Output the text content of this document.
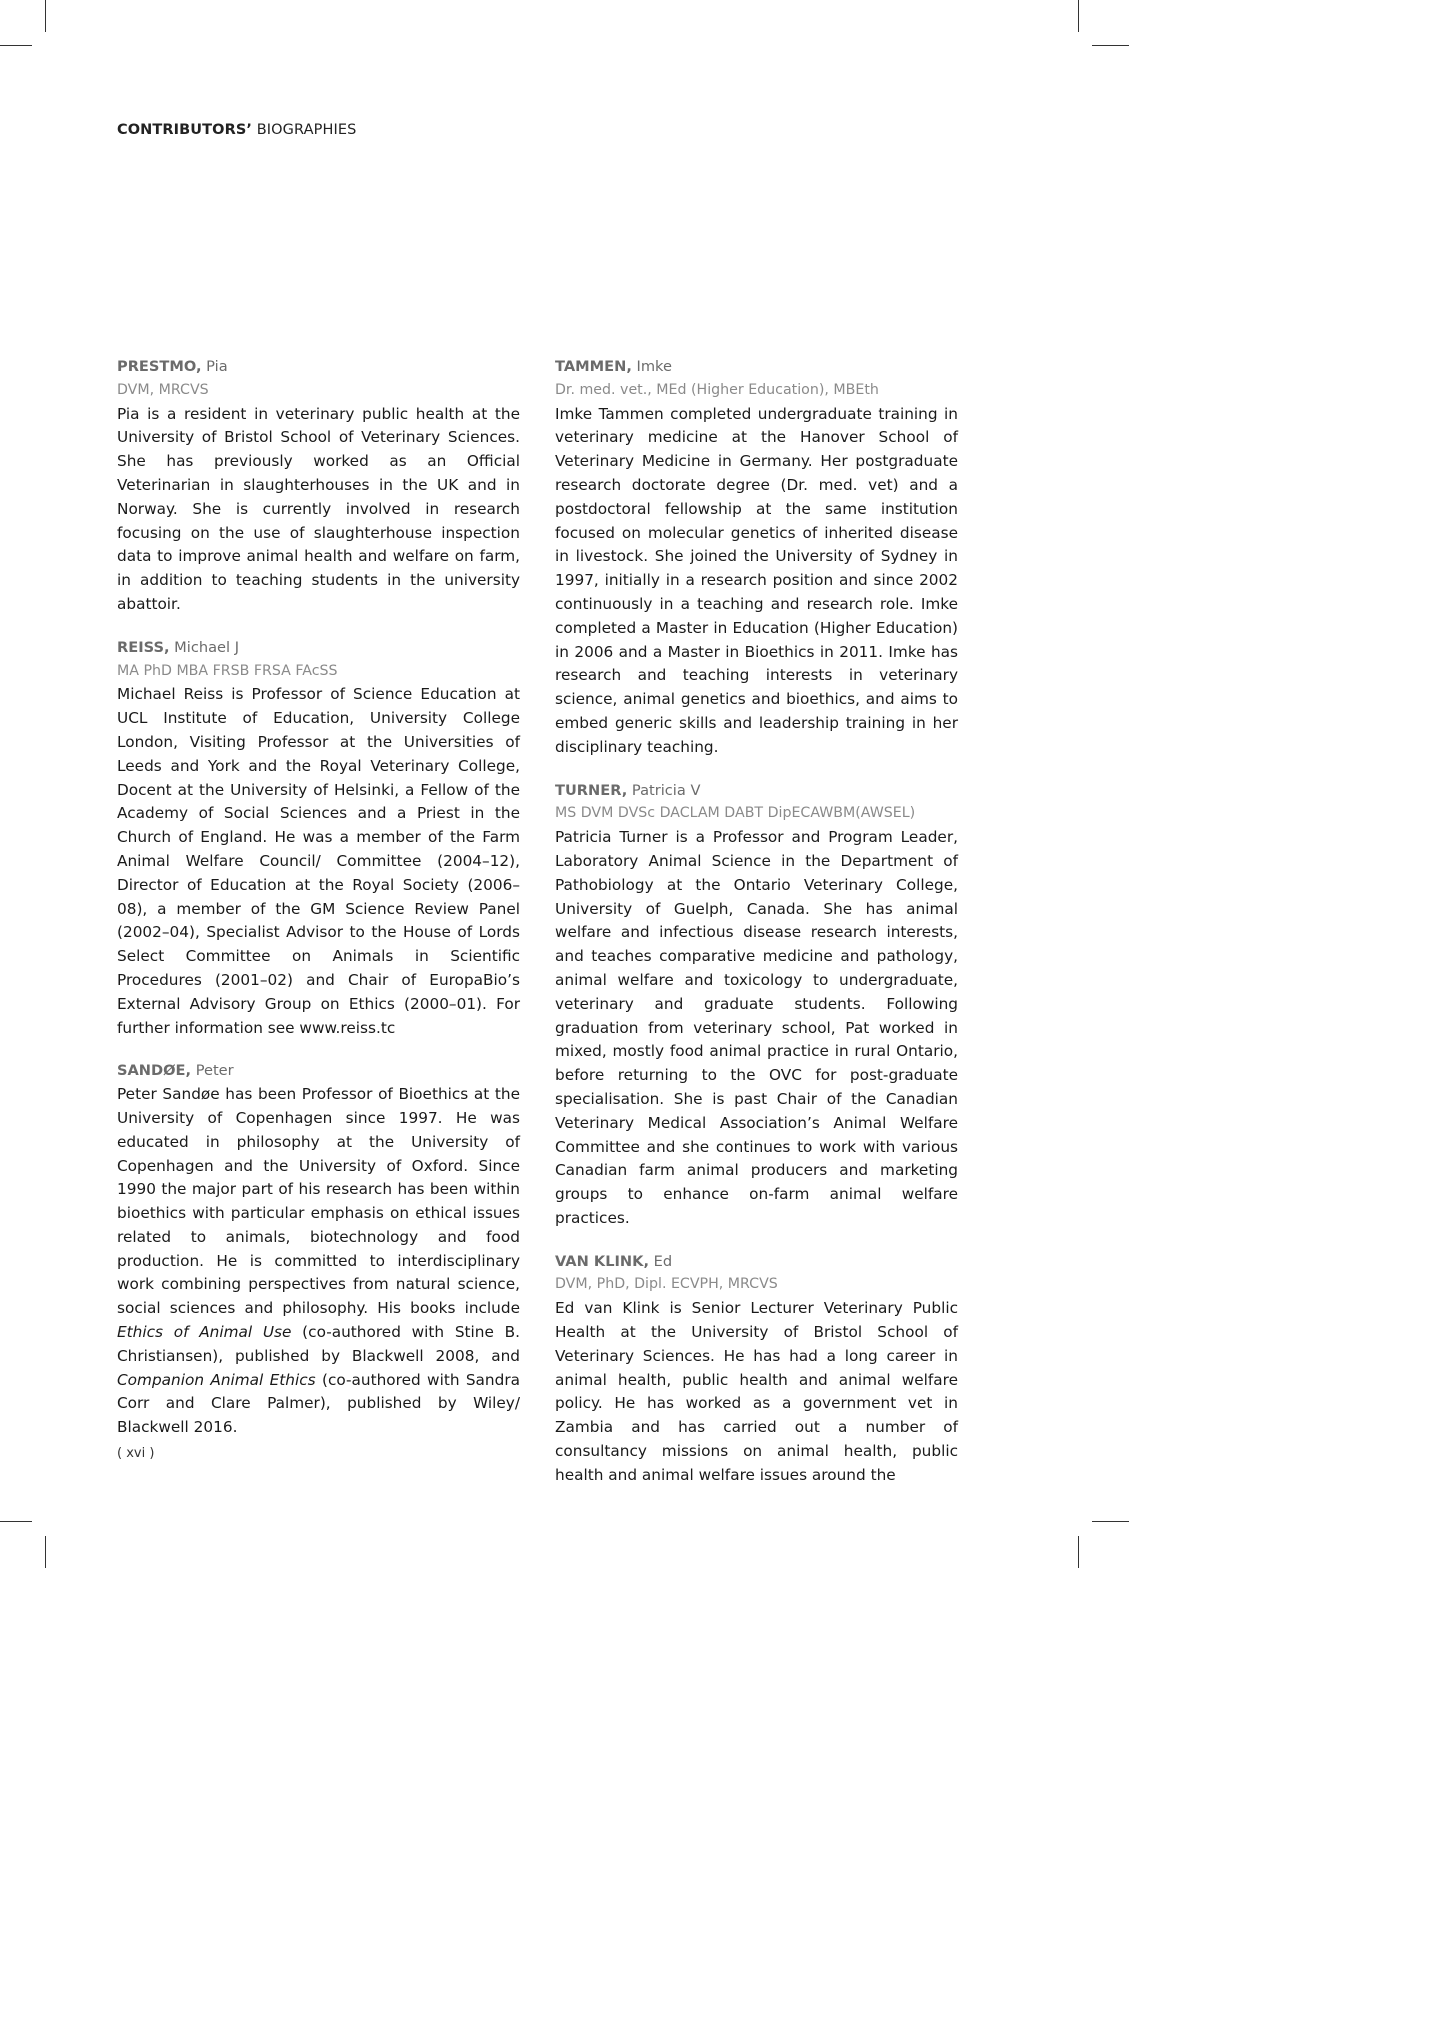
CONTRIBUTORS’ BIOGRAPHIES
PRESTMO, Pia
DVM, MRCVS
Pia is a resident in veterinary public health at the University of Bristol School of Veterinary Sciences. She has previously worked as an Official Veterinarian in slaughterhouses in the UK and in Norway. She is currently involved in research focusing on the use of slaughterhouse inspection data to improve animal health and welfare on farm, in addition to teaching students in the university abattoir.
REISS, Michael J
MA PhD MBA FRSB FRSA FAcSS
Michael Reiss is Professor of Science Education at UCL Institute of Education, University College London, Visiting Professor at the Universities of Leeds and York and the Royal Veterinary College, Docent at the University of Helsinki, a Fellow of the Academy of Social Sciences and a Priest in the Church of England. He was a member of the Farm Animal Welfare Council/ Committee (2004–12), Director of Education at the Royal Society (2006–08), a member of the GM Science Review Panel (2002–04), Specialist Advisor to the House of Lords Select Committee on Animals in Scientific Procedures (2001–02) and Chair of EuropaBio’s External Advisory Group on Ethics (2000–01). For further information see www.reiss.tc
SANDØE, Peter
Peter Sandøe has been Professor of Bioethics at the University of Copenhagen since 1997. He was educated in philosophy at the University of Copenhagen and the University of Oxford. Since 1990 the major part of his research has been within bioethics with particular emphasis on ethical issues related to animals, biotechnology and food production. He is committed to interdisciplinary work combining perspectives from natural science, social sciences and philosophy. His books include Ethics of Animal Use (co-authored with Stine B. Christiansen), published by Blackwell 2008, and Companion Animal Ethics (co-authored with Sandra Corr and Clare Palmer), published by Wiley/ Blackwell 2016.
TAMMEN, Imke
Dr. med. vet., MEd (Higher Education), MBEth
Imke Tammen completed undergraduate training in veterinary medicine at the Hanover School of Veterinary Medicine in Germany. Her postgraduate research doctorate degree (Dr. med. vet) and a postdoctoral fellowship at the same institution focused on molecular genetics of inherited disease in livestock. She joined the University of Sydney in 1997, initially in a research position and since 2002 continuously in a teaching and research role. Imke completed a Master in Education (Higher Education) in 2006 and a Master in Bioethics in 2011. Imke has research and teaching interests in veterinary science, animal genetics and bioethics, and aims to embed generic skills and leadership training in her disciplinary teaching.
TURNER, Patricia V
MS DVM DVSc DACLAM DABT DipECAWBM(AWSEL)
Patricia Turner is a Professor and Program Leader, Laboratory Animal Science in the Department of Pathobiology at the Ontario Veterinary College, University of Guelph, Canada. She has animal welfare and infectious disease research interests, and teaches comparative medicine and pathology, animal welfare and toxicology to undergraduate, veterinary and graduate students. Following graduation from veterinary school, Pat worked in mixed, mostly food animal practice in rural Ontario, before returning to the OVC for post-graduate specialisation. She is past Chair of the Canadian Veterinary Medical Association’s Animal Welfare Committee and she continues to work with various Canadian farm animal producers and marketing groups to enhance on-farm animal welfare practices.
VAN KLINK, Ed
DVM, PhD, Dipl. ECVPH, MRCVS
Ed van Klink is Senior Lecturer Veterinary Public Health at the University of Bristol School of Veterinary Sciences. He has had a long career in animal health, public health and animal welfare policy. He has worked as a government vet in Zambia and has carried out a number of consultancy missions on animal health, public health and animal welfare issues around the
( xvi )
